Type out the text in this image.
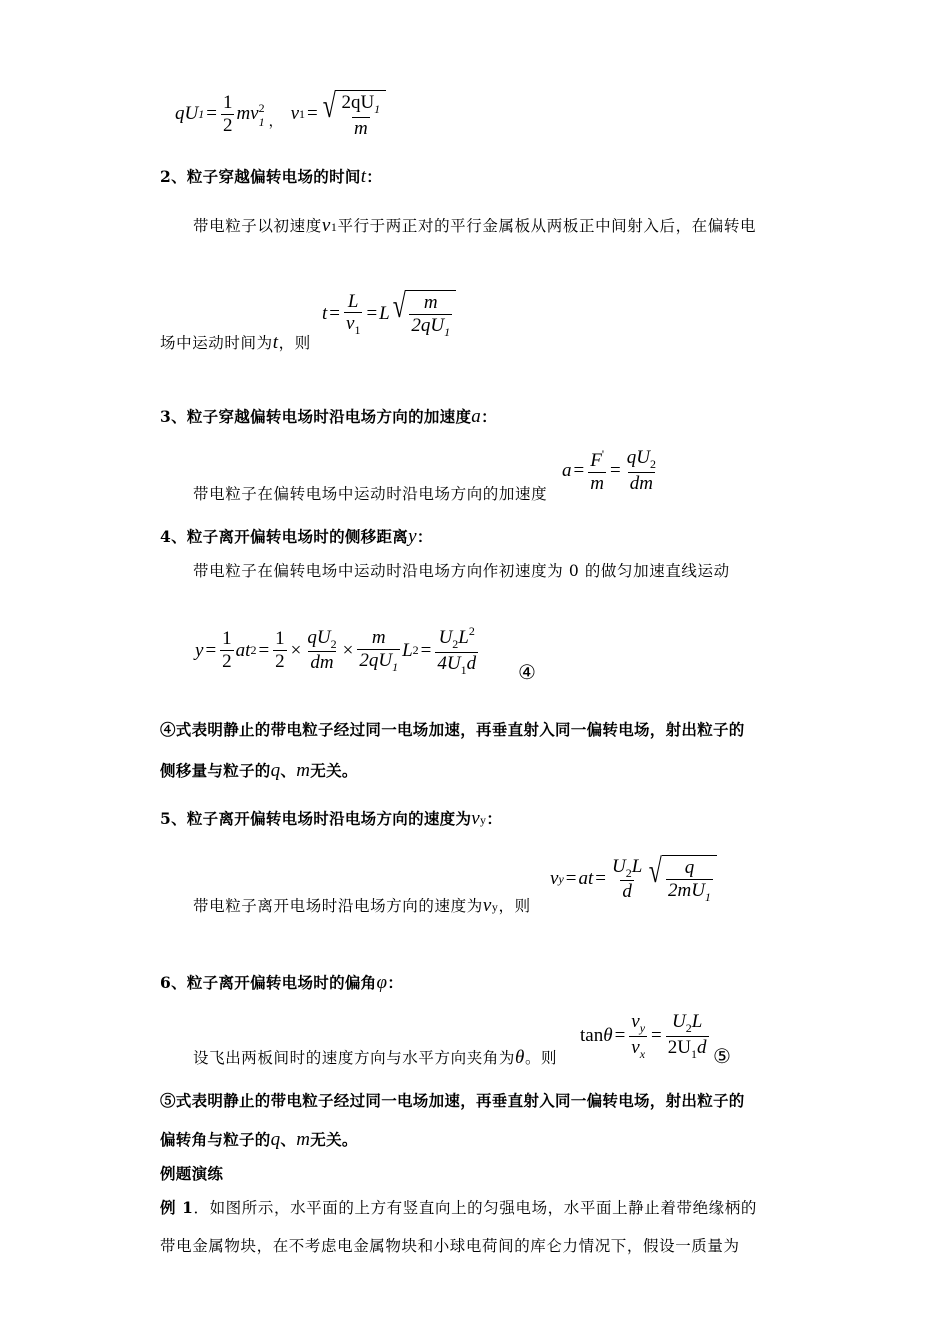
qU $1 = \frac{1}{2}$ mv 2
1 ， v 1 = √ $\frac{2qU_1}{m}$
2、粒子穿越偏转电场的时间t：
带电粒子以初速度v1平行于两正对的平行金属板从两板正中间射入后，在偏转电
场中运动时间为t，则
$t = \frac{L}{v_1} = L$ √ $\frac{m}{2qU_1}$
3、粒子穿越偏转电场时沿电场方向的加速度a：
带电粒子在偏转电场中运动时沿电场方向的加速度
$a = \frac{F'}{m} = \frac{qU_2}{dm}$
4、粒子离开偏转电场时的侧移距离y：
带电粒子在偏转电场中运动时沿电场方向作初速度为 0 的做匀加速直线运动
$y = \frac{1}{2}$ at $2 = \frac{1}{2} \times \frac{qU_2}{dm} \times \frac{m}{2qU_1}$ L $2 = \frac{U_2L^2}{4U_1d}$ ④
④式表明静止的带电粒子经过同一电场加速，再垂直射入同一偏转电场，射出粒子的
侧移量与粒子的q、m无关。
5、粒子离开偏转电场时沿电场方向的速度为vy：
带电粒子离开电场时沿电场方向的速度为vy，则
v y = at = $\frac{U_2L}{d}$ √ $\frac{q}{2mU_1}$
6、粒子离开偏转电场时的偏角φ：
设飞出两板间时的速度方向与水平方向夹角为θ。则
$\tan \theta = \frac{v_y}{v_x} = \frac{U_2L}{2U_1d}$ ⑤
⑤式表明静止的带电粒子经过同一电场加速，再垂直射入同一偏转电场，射出粒子的
偏转角与粒子的q、m无关。
例题演练
例 1．如图所示，水平面的上方有竖直向上的匀强电场，水平面上静止着带绝缘柄的
带电金属物块，在不考虑电金属物块和小球电荷间的库仑力情况下，假设一质量为
